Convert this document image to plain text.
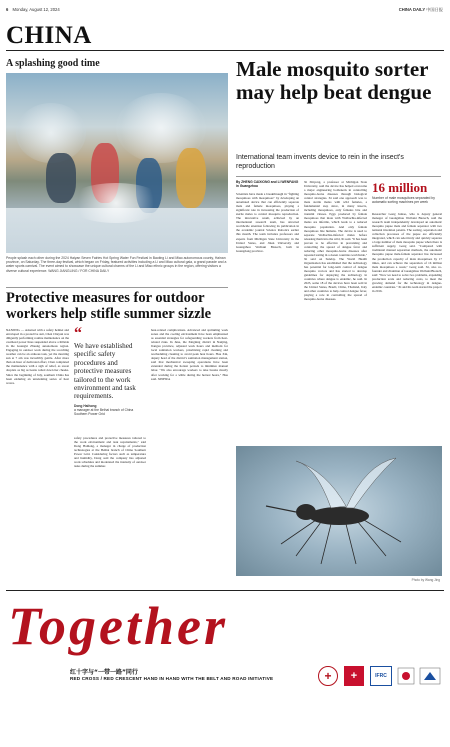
6 Monday, August 12, 2024	CHINA DAILY 中国日报
CHINA
A splashing good time
People splash each other during the 2024 Haiyan Seven Fairies Hot Spring Water Fun Festival in Baoting Li and Miao autonomous county, Hainan province, on Saturday. The three-day festival, which began on Friday, featured activities including a Li and Miao cultural gala, a grand parade and a water sports carnival. The event aimed to showcase the unique cultural charms of the Li and Miao ethnic groups in the region, offering visitors a diverse cultural experience. WANG JIANGLING / FOR CHINA DAILY
Male mosquito sorter may help beat dengue
International team invents device to rein in the insect's reproduction
By ZHENG CAIXIONG and LI WENFANG in Guangzhou
Scientists have made a breakthrough in "fighting mosquitoes with mosquitoes" by developing an automated device that can efficiently separate male and female mosquitoes, playing a significant role in increasing the production of sterile males to control mosquito reproduction. The innovative result, achieved by an international research team, has attracted worldwide attention following its publication in the academic journal Science Robotics earlier this month. The team includes professors and experts from Michigan State University in the United States, and Jinan University and Guangzhou Wolbaki Biotech, both in Guangdong province.
Xi Zhiyong, a professor at Michigan State University, said the device has helped overcome a major engineering bottleneck in controlling mosquito-borne diseases through biological control strategies. Xi said one approach was to mate sterile males with wild females, a fundamental step since, in many insects, including mosquitoes, only females bite and transmit viruses. Eggs produced by female mosquitoes that mate with Wolbachia-infected males are infertile, which leads to a reduced mosquito population. And only female mosquitoes bite humans. The device is used to separate Wolbachia-infected males before releasing them into the wild, Xi said. "It has been proven to be effective in preventing and controlling the spread of dengue fever and reducing other mosquito-borne diseases after repeated testing in a dozen countries worldwide," Xi said on Sunday. The World Health Organization has established that the technology has potential for long-term control of dengue mosquito vectors and has started to develop guidelines for deploying the technology in countries where dengue is endemic, he said. In 2023, some 18 of the devices have been sold in the United States, Brazil, China, Thailand, Italy and other countries to help control dengue fever, playing a role in controlling the spread of mosquito-borne diseases.
16 million
Number of male mosquitoes separated by automatic sorting machines per week
Researcher Gong Juntao, who is deputy general manager of Guangzhou Wolbaki Biotech, said the research team independently developed an automatic mosquito pupae male and female separator with two national invention patents. The sorting, separation and collection processes of the pupae are efficiently integrated, which can selectively and quickly separate a large number of male mosquito pupae when there is sufficient supply, Gong said. "Compared with traditional manual separation methods, the automatic mosquito pupae male-female separator has increased the production capacity of male mosquitoes by 17 times, and can achieve the separation of 16 million male mosquitoes a week," Gong said. Xi, also co-founder and chairman of Guangzhou Wolbaki Biotech, said: "Now we need to solve two problems, expanding production scale and reducing costs, to meet the growing demand for the technology in dengue-endemic countries." Xi and his team started the project in 2016.
Photo by Wang Jing
Protective measures for outdoor workers help stifle summer sizzle
NANJING — Adorned with a safety helmet and enveloped in a protective suit, Chen Chuyun was diligently performing routine maintenance on the overhead power lines suspended above a hillside in the Guangxi Zhuang autonomous region. Engaging in outdoor work during the scorching weather can be an arduous task, yet the morning sun at 7 am was incredibly gentle. After more than an hour of dedicated effort, Chen completed the maintenance with a sigh of relief, as sweat droplets as big as beans rolled down her cheeks. Since the beginning of July, southern China has been enduring an unrelenting series of heat waves.
“
We have established specific safety procedures and protective measures tailored to the work environment and task requirements.
Dong Haihong
a manager at the Beihai branch of China Southern Power Grid
safety procedures and protective measures tailored to the work environment and task requirements," said Dong Haihong, a manager in charge of production technologies at the Beihai branch of China Southern Power Grid. Considering factors such as temperature and humidity, Dong said the company has adjusted work schedules and moderated the intensity of outdoor tasks during the summer.
heat-related complications. Advanced and sprinkling work zones and the cooling environment have been emphasized as essential strategies for safeguarding workers from heat-related risks. In June, the Xingning district in Nanjing, Jiangsu province, adjusted work hours and methods for local sanitation workers, prioritizing rapid cleaning and rescheduling cleaning to avoid peak heat hours. Hou Xin, deputy head of the district's sanitation management station, said that mechanical sweeping operations have been extended during the hottest periods to minimize manual labor. "We also encourage workers to take breaks mostly after working for a while during the hottest hours," Hou said. XINHUA
Together
红十字与“一带一路”同行
RED CROSS / RED CRESCENT HAND IN HAND WITH THE BELT AND ROAD INITIATIVE	+ +	IFRC
